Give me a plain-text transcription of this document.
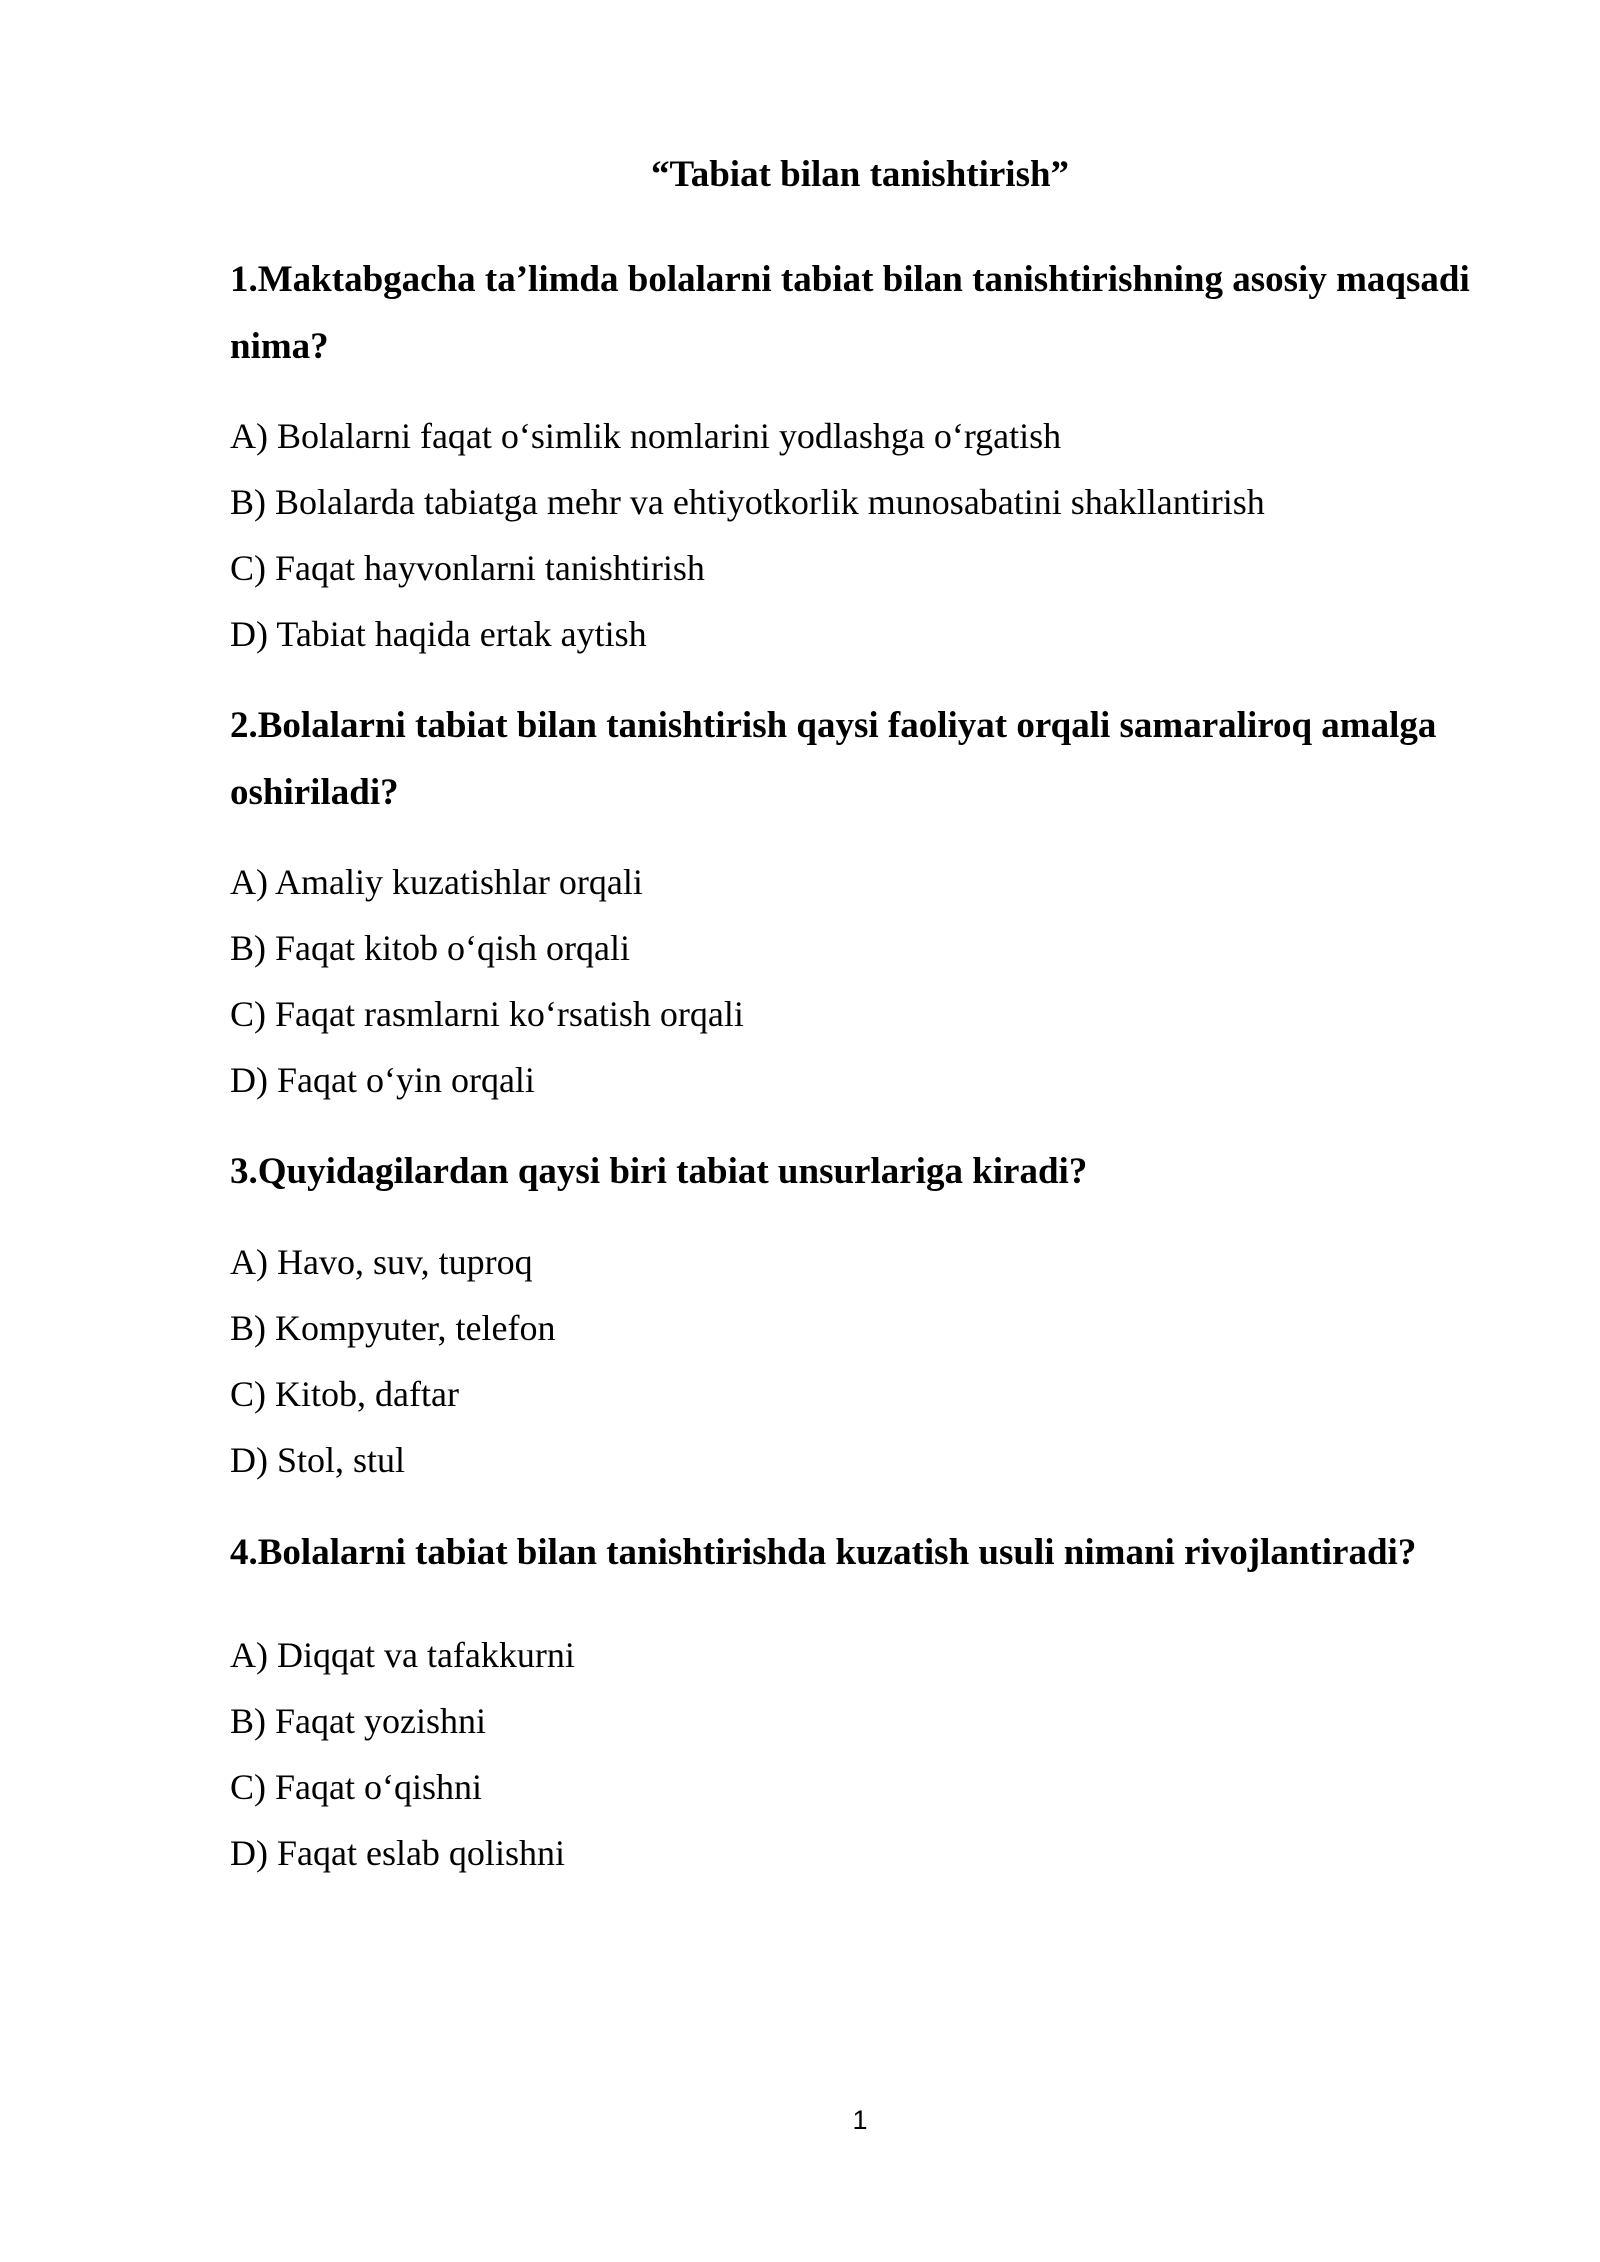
“Tabiat bilan tanishtirish”

1.Maktabgacha ta’limda bolalarni tabiat bilan tanishtirishning asosiy maqsadi nima?

A) Bolalarni faqat o‘simlik nomlarini yodlashga o‘rgatish
B) Bolalarda tabiatga mehr va ehtiyotkorlik munosabatini shakllantirish
C) Faqat hayvonlarni tanishtirish
D) Tabiat haqida ertak aytish

2.Bolalarni tabiat bilan tanishtirish qaysi faoliyat orqali samaraliroq amalga oshiriladi?

A) Amaliy kuzatishlar orqali
B) Faqat kitob o‘qish orqali
C) Faqat rasmlarni ko‘rsatish orqali
D) Faqat o‘yin orqali

3.Quyidagilardan qaysi biri tabiat unsurlariga kiradi?

A) Havo, suv, tuproq
B) Kompyuter, telefon
C) Kitob, daftar
D) Stol, stul

4.Bolalarni tabiat bilan tanishtirishda kuzatish usuli nimani rivojlantiradi?

A) Diqqat va tafakkurni
B) Faqat yozishni
C) Faqat o‘qishni
D) Faqat eslab qolishni
1
